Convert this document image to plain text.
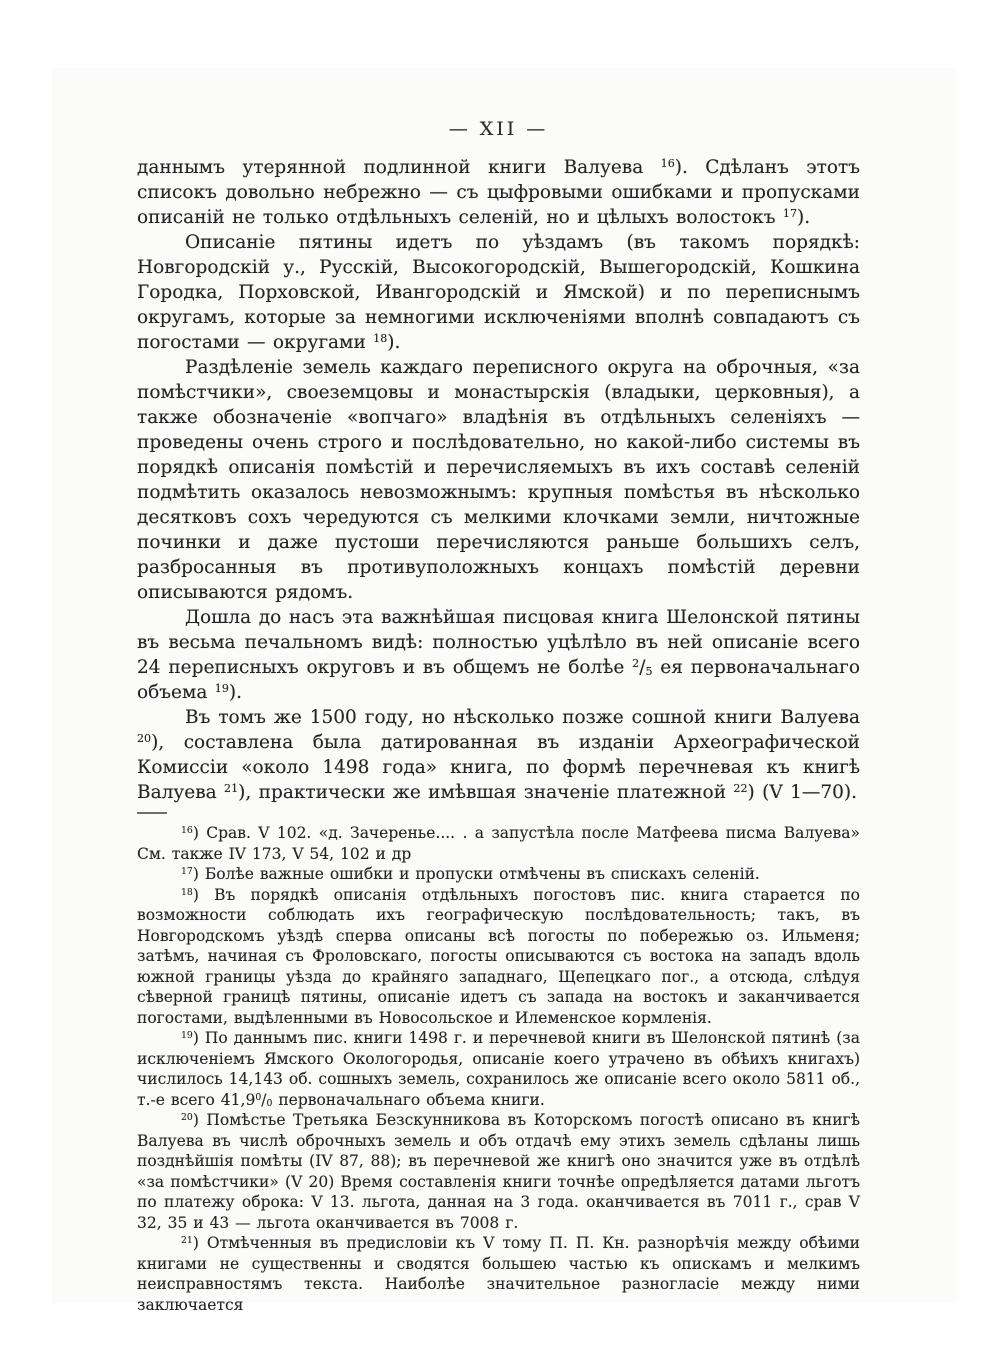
— XII —

даннымъ утерянной подлинной книги Валуева $^{16}$). Сдѣланъ этотъ списокъ довольно небрежно — съ цыфровыми ошибками и пропусками описаній не только отдѣльныхъ селеній, но и цѣлыхъ волостокъ $^{17}$).

Описаніе пятины идетъ по уѣздамъ (въ такомъ порядкѣ: Новгородскій у., Русскій, Высокогородскій, Вышегородскій, Кошкина Городка, Порховской, Ивангородскій и Ямской) и по переписнымъ округамъ, которые за немногими исключеніями вполнѣ совпадаютъ съ погостами — округами $^{18}$).

Раздѣленіе земель каждаго переписного округа на оброчныя, «за помѣстчики», своеземцовы и монастырскія (владыки, церковныя), а также обозначеніе «вопчаго» владѣнія въ отдѣльныхъ селеніяхъ — проведены очень строго и послѣдовательно, но какой-либо системы въ порядкѣ описанія помѣстій и перечисляемыхъ въ ихъ составѣ селеній подмѣтить оказалось невозможнымъ: крупныя помѣстья въ нѣсколько десятковъ сохъ чередуются съ мелкими клочками земли, ничтожные починки и даже пустоши перечисляются раньше большихъ селъ, разбросанныя въ противуположныхъ концахъ помѣстій деревни описываются рядомъ.

Дошла до насъ эта важнѣйшая писцовая книга Шелонской пятины въ весьма печальномъ видѣ: полностью уцѣлѣло въ ней описаніе всего 24 переписныхъ округовъ и въ общемъ не болѣе $^2/_5$ ея первоначальнаго объема $^{19}$).

Въ томъ же 1500 году, но нѣсколько позже сошной книги Валуева $^{20}$), составлена была датированная въ изданіи Археографической Комиссіи «около 1498 года» книга, по формѣ перечневая къ книгѣ Валуева $^{21}$), практически же имѣвшая значеніе платежной $^{22}$) (V 1—70).

$^{16}$) Срав. V 102. «д. Зачеренье.... . а запустѣла после Матфеева писма Валуева» См. также IV 173, V 54, 102 и др

$^{17}$) Болѣе важные ошибки и пропуски отмѣчены въ спискахъ селеній.

$^{18}$) Въ порядкѣ описанія отдѣльныхъ погостовъ пис. книга старается по возможности соблюдать ихъ географическую послѣдовательность; такъ, въ Новгородскомъ уѣздѣ сперва описаны всѣ погосты по побережью оз. Ильменя; затѣмъ, начиная съ Фроловскаго, погосты описываются съ востока на западъ вдоль южной границы уѣзда до крайняго западнаго, Щепецкаго пог., а отсюда, слѣдуя сѣверной границѣ пятины, описаніе идетъ съ запада на востокъ и заканчивается погостами, выдѣленными въ Новосольское и Илеменское кормленія.

$^{19}$) По даннымъ пис. книги 1498 г. и перечневой книги въ Шелонской пятинѣ (за исключеніемъ Ямского Окологородья, описаніе коего утрачено въ обѣихъ книгахъ) числилось 14,143 об. сошныхъ земель, сохранилось же описаніе всего около 5811 об., т.-е всего $41,9^0/_0$ первоначальнаго объема книги.

$^{20}$) Помѣстье Третьяка Безскунникова въ Которскомъ погостѣ описано въ книгѣ Валуева въ числѣ оброчныхъ земель и объ отдачѣ ему этихъ земель сдѣланы лишь позднѣйшія помѣты (IV 87, 88); въ перечневой же книгѣ оно значится уже въ отдѣлѣ «за помѣстчики» (V 20) Время составленія книги точнѣе опредѣляется датами льготъ по платежу оброка: V 13. льгота, данная на 3 года. оканчивается въ 7011 г., срав V 32, 35 и 43 — льгота оканчивается въ 7008 г.

$^{21}$) Отмѣченныя въ предисловіи къ V тому П. П. Кн. разнорѣчія между обѣими книгами не существенны и сводятся большею частью къ опискамъ и мелкимъ неисправностямъ текста. Наиболѣе значительное разногласіе между ними заключается
